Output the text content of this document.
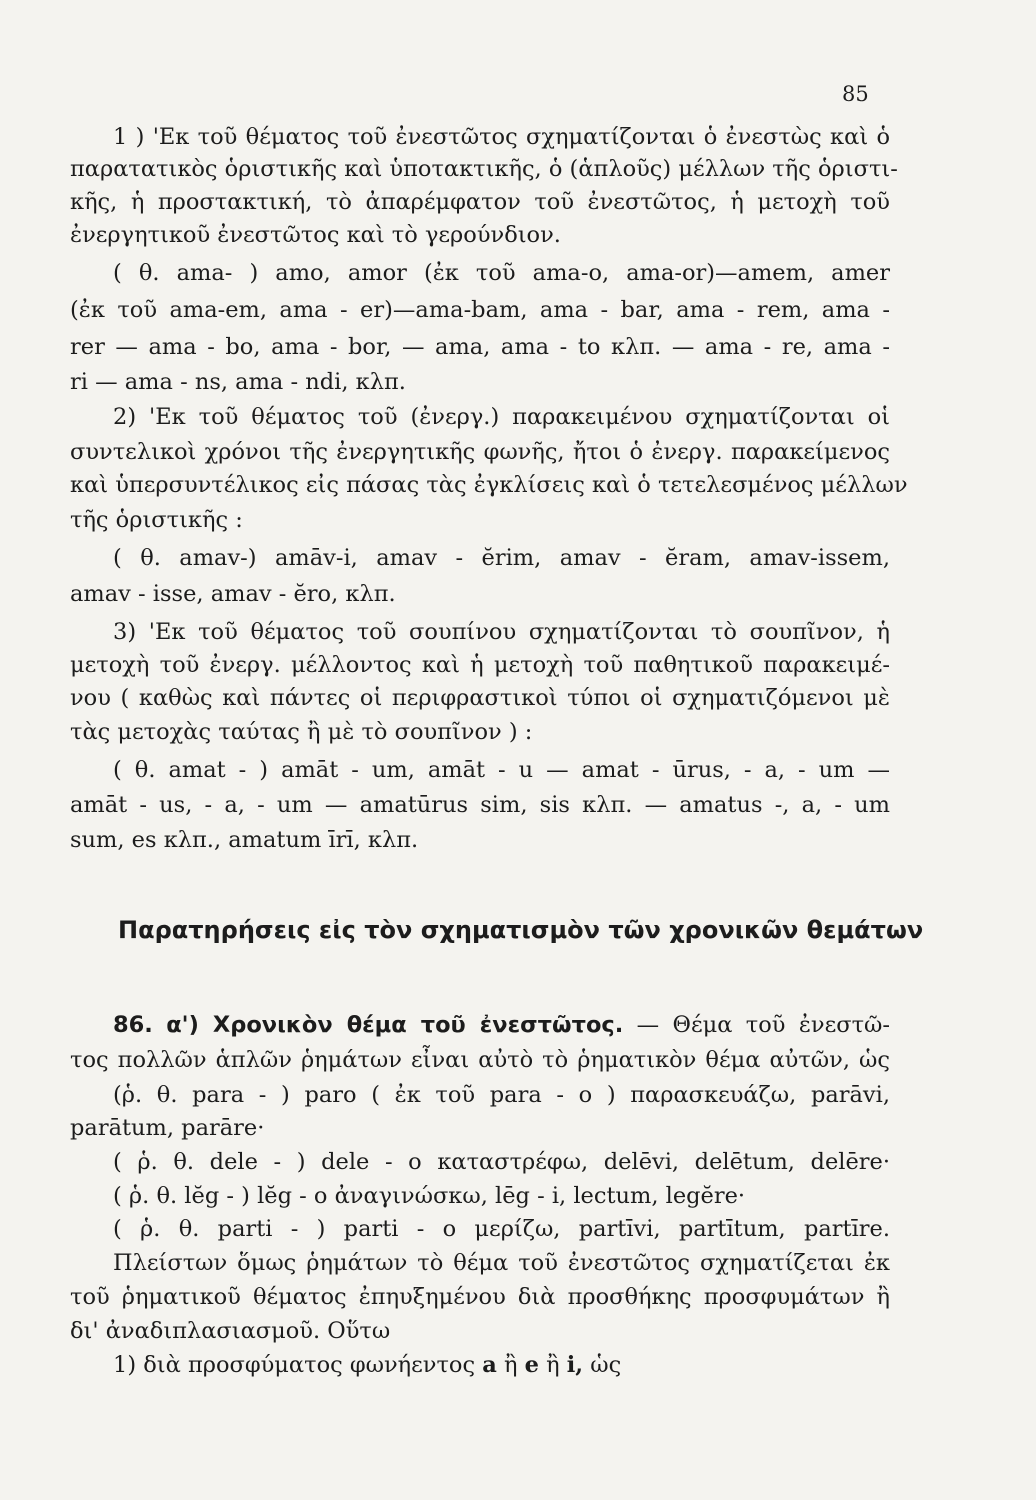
85
1 ) 'Εκ τοῦ θέματος τοῦ ἐνεστῶτος σχηματίζονται ὁ ἐνεστὼς καὶ ὁ
παρατατικὸς ὁριστικῆς καὶ ὑποτακτικῆς, ὁ (ἁπλοῦς) μέλλων τῆς ὁριστι-
κῆς, ἡ προστακτική, τὸ ἀπαρέμφατον τοῦ ἐνεστῶτος, ἡ μετοχὴ τοῦ
ἐνεργητικοῦ ἐνεστῶτος καὶ τὸ γερούνδιον.
( θ. ama- ) amo, amor (ἐκ τοῦ ama-o, ama-or)—amem, amer
(ἐκ τοῦ ama-em, ama - er)—ama-bam, ama - bar, ama - rem, ama -
rer — ama - bo, ama - bor, — ama, ama - to κλπ. — ama - re, ama -
ri — ama - ns, ama - ndi, κλπ.
2) 'Εκ τοῦ θέματος τοῦ (ἐνεργ.) παρακειμένου σχηματίζονται οἱ
συντελικοὶ χρόνοι τῆς ἐνεργητικῆς φωνῆς, ἤτοι ὁ ἐνεργ. παρακείμενος
καὶ ὑπερσυντέλικος εἰς πάσας τὰς ἐγκλίσεις καὶ ὁ τετελεσμένος μέλλων
τῆς ὁριστικῆς :
( θ. amav-) amāv-i, amav - ĕrim, amav - ĕram, amav-issem,
amav - isse, amav - ĕro, κλπ.
3) 'Εκ τοῦ θέματος τοῦ σουπίνου σχηματίζονται τὸ σουπῖνον, ἡ
μετοχὴ τοῦ ἐνεργ. μέλλοντος καὶ ἡ μετοχὴ τοῦ παθητικοῦ παρακειμέ-
νου ( καθὼς καὶ πάντες οἱ περιφραστικοὶ τύποι οἱ σχηματιζόμενοι μὲ
τὰς μετοχὰς ταύτας ἢ μὲ τὸ σουπῖνον ) :
( θ. amat - ) amāt - um, amāt - u — amat - ūrus, - a, - um —
amāt - us, - a, - um — amatūrus sim, sis κλπ. — amatus -, a, - um
sum, es κλπ., amatum īrī, κλπ.
Παρατηρήσεις εἰς τὸν σχηματισμὸν τῶν χρονικῶν θεμάτων
86. α') Χρονικὸν θέμα τοῦ ἐνεστῶτος. — Θέμα τοῦ ἐνεστῶ-
τος πολλῶν ἁπλῶν ῥημάτων εἶναι αὐτὸ τὸ ῥηματικὸν θέμα αὐτῶν, ὡς
(ῥ. θ. para - ) paro ( ἐκ τοῦ para - o ) παρασκευάζω, parāvi,
parātum, parāre·
( ῥ. θ. dele - ) dele - o καταστρέφω, delēvi, delētum, delēre·
( ῥ. θ. lĕg - ) lĕg - o ἀναγινώσκω, lēg - i, lectum, legĕre·
( ῥ. θ. parti - ) parti - o μερίζω, partīvi, partītum, partīre.
Πλείστων ὅμως ῥημάτων τὸ θέμα τοῦ ἐνεστῶτος σχηματίζεται ἐκ
τοῦ ῥηματικοῦ θέματος ἐπηυξημένου διὰ προσθήκης προσφυμάτων ἢ
δι' ἀναδιπλασιασμοῦ. Οὕτω
1) διὰ προσφύματος φωνήεντος a ἢ e ἢ i, ὡς
